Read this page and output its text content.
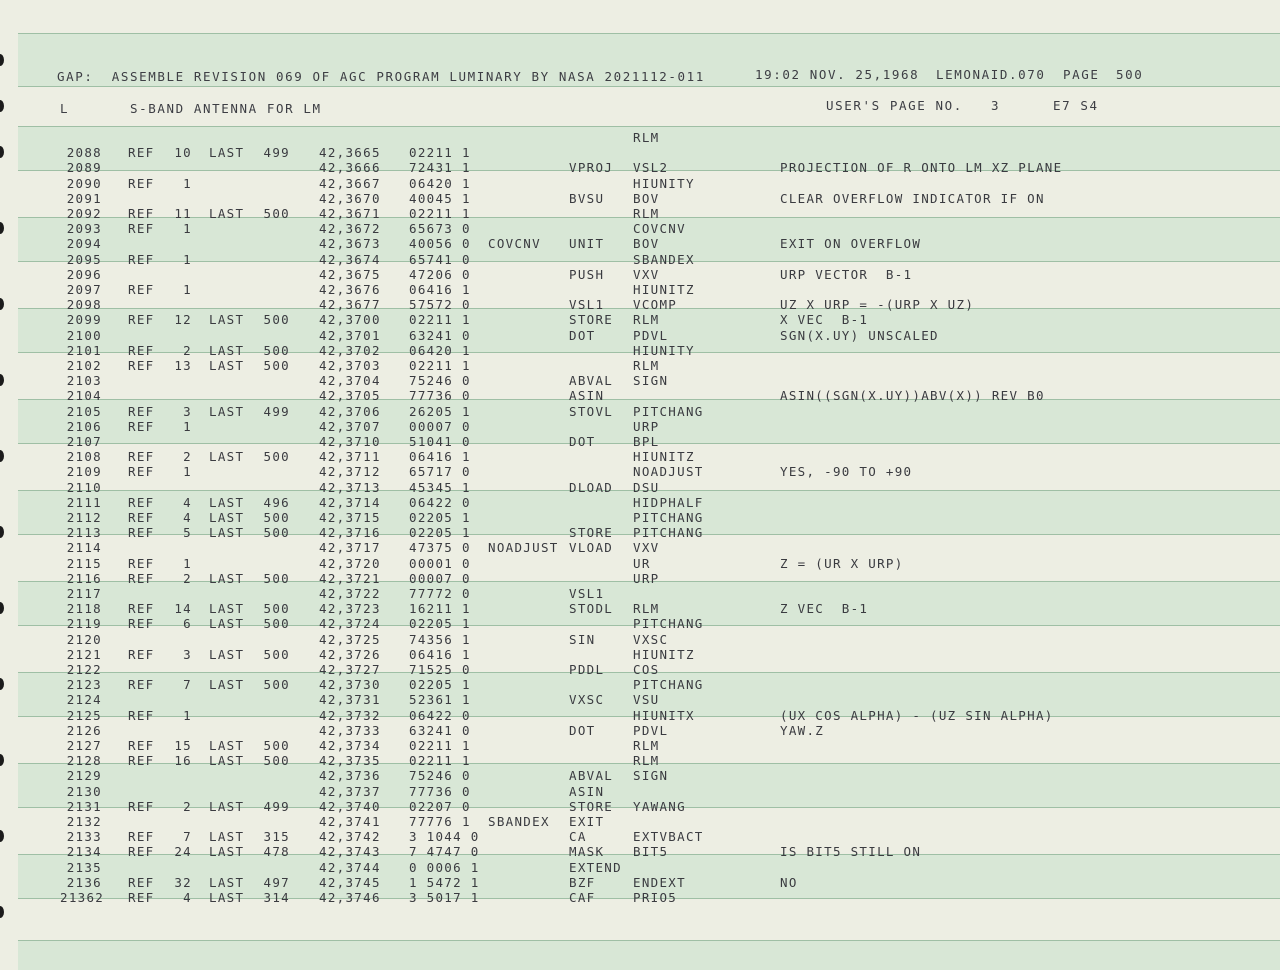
GAP:  ASSEMBLE REVISION 069 OF AGC PROGRAM LUMINARY BY NASA 2021112-011	19:02 NOV. 25,1968 LEMONAID.070 PAGE 500
L	S-BAND ANTENNA FOR LM	USER'S PAGE NO. 3	E7 S4
RLM
2088 REF	10 LAST	499 42,3665 02211 1
2089	42,3666 72431 1	VPROJ VSL2	PROJECTION OF R ONTO LM XZ PLANE
2090 REF	1	42,3667 06420 1	HIUNITY
2091	42,3670 40045 1	BVSU BOV	CLEAR OVERFLOW INDICATOR IF ON
2092 REF	11 LAST	500 42,3671 02211 1	RLM
2093 REF	1	42,3672 65673 0	COVCNV
2094	42,3673 40056 0 COVCNV UNIT BOV	EXIT ON OVERFLOW
2095 REF	1	42,3674 65741 0	SBANDEX
2096	42,3675 47206 0	PUSH VXV	URP VECTOR  B-1
2097 REF	1	42,3676 06416 1	HIUNITZ
2098	42,3677 57572 0	VSL1 VCOMP	UZ X URP = -(URP X UZ)
2099 REF	12 LAST	500 42,3700 02211 1	STORE RLM	X VEC  B-1
2100	42,3701 63241 0	DOT	PDVL	SGN(X.UY) UNSCALED
2101 REF	2 LAST	500 42,3702 06420 1	HIUNITY
2102 REF	13 LAST	500 42,3703 02211 1	RLM
2103	42,3704 75246 0	ABVAL SIGN
2104	42,3705 77736 0	ASIN	ASIN((SGN(X.UY))ABV(X)) REV B0
2105 REF	3 LAST	499 42,3706 26205 1	STOVL PITCHANG
2106 REF	1	42,3707 00007 0	URP
2107	42,3710 51041 0	DOT	BPL
2108 REF	2 LAST	500 42,3711 06416 1	HIUNITZ
2109 REF	1	42,3712 65717 0	NOADJUST	YES, -90 TO +90
2110	42,3713 45345 1	DLOAD DSU
2111 REF	4 LAST	496 42,3714 06422 0	HIDPHALF
2112 REF	4 LAST	500 42,3715 02205 1	PITCHANG
2113 REF	5 LAST	500 42,3716 02205 1	STORE PITCHANG
2114	42,3717 47375 0 NOADJUST VLOAD VXV
2115 REF	1	42,3720 00001 0	UR	Z = (UR X URP)
2116 REF	2 LAST	500 42,3721 00007 0	URP
2117	42,3722 77772 0	VSL1
2118 REF	14 LAST	500 42,3723 16211 1	STODL RLM	Z VEC  B-1
2119 REF	6 LAST	500 42,3724 02205 1	PITCHANG
2120	42,3725 74356 1	SIN	VXSC
2121 REF	3 LAST	500 42,3726 06416 1	HIUNITZ
2122	42,3727 71525 0	PDDL COS
2123 REF	7 LAST	500 42,3730 02205 1	PITCHANG
2124	42,3731 52361 1	VXSC VSU
2125 REF	1	42,3732 06422 0	HIUNITX	(UX COS ALPHA) - (UZ SIN ALPHA)
2126	42,3733 63241 0	DOT	PDVL	YAW.Z
2127 REF	15 LAST	500 42,3734 02211 1	RLM
2128 REF	16 LAST	500 42,3735 02211 1	RLM
2129	42,3736 75246 0	ABVAL SIGN
2130	42,3737 77736 0	ASIN
2131 REF	2 LAST	499 42,3740 02207 0	STORE YAWANG
2132	42,3741 77776 1 SBANDEX EXIT
2133 REF	7 LAST	315 42,3742 3 1044 0	CA	EXTVBACT
2134 REF	24 LAST	478 42,3743 7 4747 0	MASK BIT5	IS BIT5 STILL ON
2135	42,3744 0 0006 1	EXTEND
2136 REF	32 LAST	497 42,3745 1 5472 1	BZF	ENDEXT	NO
21362 REF	4 LAST	314 42,3746 3 5017 1	CAF	PRIO5
